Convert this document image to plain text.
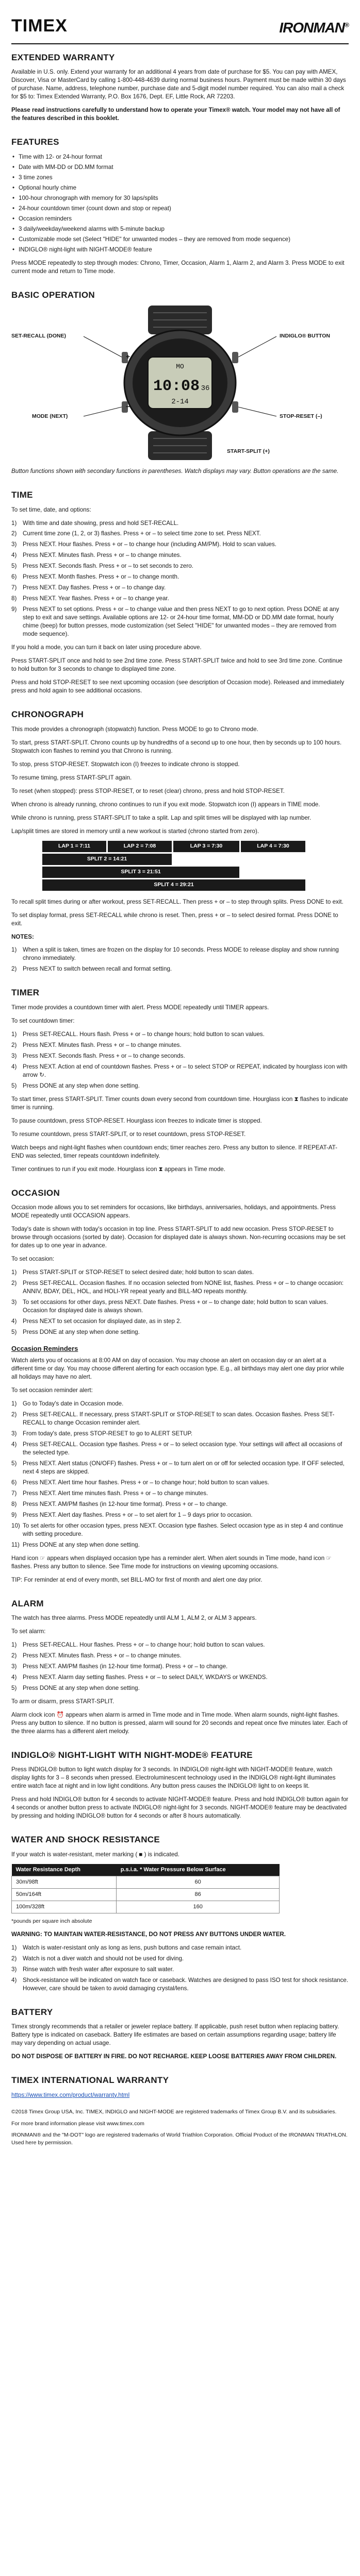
TIMEX	IRONMAN®
EXTENDED WARRANTY

Available in U.S. only. Extend your warranty for an additional 4 years from date of purchase for $5. You can pay with AMEX, Discover, Visa or MasterCard by calling 1-800-448-4639 during normal business hours. Payment must be made within 30 days of purchase. Name, address, telephone number, purchase date and 5-digit model number required. You can also mail a check for $5 to: Timex Extended Warranty, P.O. Box 1676, Dept. EF, Little Rock, AR 72203.

Please read instructions carefully to understand how to operate your Timex® watch. Your model may not have all of the features described in this booklet.

FEATURES
• Time with 12- or 24-hour format
• Date with MM-DD or DD.MM format
• 3 time zones
• Optional hourly chime
• 100-hour chronograph with memory for 30 laps/splits
• 24-hour countdown timer (count down and stop or repeat)
• Occasion reminders
• 3 daily/weekday/weekend alarms with 5-minute backup
• Customizable mode set (Select "HIDE" for unwanted modes – they are removed from mode sequence)
• INDIGLO® night-light with NIGHT-MODE® feature

Press MODE repeatedly to step through modes: Chrono, Timer, Occasion, Alarm 1, Alarm 2, and Alarm 3. Press MODE to exit current mode and return to Time mode.

BASIC OPERATION
MO
10:08 36
2-14
+
–
SET-RECALL (DONE)	INDIGLO® BUTTON
MODE (NEXT)	STOP-RESET (–)
START-SPLIT (+)

Button functions shown with secondary functions in parentheses. Watch displays may vary. Button operations are the same.

TIME

To set time, date, and options:

1)	With time and date showing, press and hold SET-RECALL.
2)	Current time zone (1, 2, or 3) flashes. Press + or – to select time zone to set. Press NEXT.
3)	Press NEXT. Hour flashes. Press + or – to change hour (including AM/PM). Hold to scan values.
4)	Press NEXT. Minutes flash. Press + or – to change minutes.
5)	Press NEXT. Seconds flash. Press + or – to set seconds to zero.
6)	Press NEXT. Month flashes. Press + or – to change month.
7)	Press NEXT. Day flashes. Press + or – to change day.
8)	Press NEXT. Year flashes. Press + or – to change year.
9)	Press NEXT to set options. Press + or – to change value and then press NEXT to go to next option. Press DONE at any step to exit and save settings. Available options are 12- or 24-hour time format, MM-DD or DD.MM date format, hourly chime (beep) for button presses, mode customization (set Select "HIDE" for unwanted modes – they are removed from mode sequence).

If you hold a mode, you can turn it back on later using procedure above.

Press START-SPLIT once and hold to see 2nd time zone. Press START-SPLIT twice and hold to see 3rd time zone. Continue to hold button for 3 seconds to change to displayed time zone.

Press and hold STOP-RESET to see next upcoming occasion (see description of Occasion mode). Released and immediately press and hold again to see additional occasions.

CHRONOGRAPH

This mode provides a chronograph (stopwatch) function. Press MODE to go to Chrono mode.

To start, press START-SPLIT. Chrono counts up by hundredths of a second up to one hour, then by seconds up to 100 hours. Stopwatch icon flashes to remind you that Chrono is running.

To stop, press STOP-RESET. Stopwatch icon (I) freezes to indicate chrono is stopped.

To resume timing, press START-SPLIT again.

To reset (when stopped): press STOP-RESET, or to reset (clear) chrono, press and hold STOP-RESET.

When chrono is already running, chrono continues to run if you exit mode. Stopwatch icon (I) appears in TIME mode.

While chrono is running, press START-SPLIT to take a split. Lap and split times will be displayed with lap number.

Lap/split times are stored in memory until a new workout is started (chrono started from zero).

LAP 1 = 7:11	LAP 2 = 7:08	LAP 3 = 7:30	LAP 4 = 7:30
SPLIT 2 = 14:21
SPLIT 3 = 21:51
SPLIT 4 = 29:21

To recall split times during or after workout, press SET-RECALL. Then press + or – to step through splits. Press DONE to exit.

To set display format, press SET-RECALL while chrono is reset. Then, press + or – to select desired format. Press DONE to exit.

NOTES:

1)	When a split is taken, times are frozen on the display for 10 seconds. Press MODE to release display and show running chrono immediately.
2)	Press NEXT to switch between recall and format setting.
TIMER

Timer mode provides a countdown timer with alert. Press MODE repeatedly until TIMER appears.

To set countdown timer:

1)	Press SET-RECALL. Hours flash. Press + or – to change hours; hold button to scan values.
2)	Press NEXT. Minutes flash. Press + or – to change minutes.
3)	Press NEXT. Seconds flash. Press + or – to change seconds.
4)	Press NEXT. Action at end of countdown flashes. Press + or – to select STOP or REPEAT, indicated by hourglass icon with arrow ↻.
5)	Press DONE at any step when done setting.

To start timer, press START-SPLIT. Timer counts down every second from countdown time. Hourglass icon ⧗ flashes to indicate timer is running.

To pause countdown, press STOP-RESET. Hourglass icon freezes to indicate timer is stopped.

To resume countdown, press START-SPLIT, or to reset countdown, press STOP-RESET.

Watch beeps and night-light flashes when countdown ends; timer reaches zero. Press any button to silence. If REPEAT-AT-END was selected, timer repeats countdown indefinitely.

Timer continues to run if you exit mode. Hourglass icon ⧗ appears in Time mode.

OCCASION

Occasion mode allows you to set reminders for occasions, like birthdays, anniversaries, holidays, and appointments. Press MODE repeatedly until OCCASION appears.

Today's date is shown with today's occasion in top line. Press START-SPLIT to add new occasion. Press STOP-RESET to browse through occasions (sorted by date). Occasion for displayed date is always shown. Non-recurring occasions may be set for dates up to one year in advance.

To set occasion:

1)	Press START-SPLIT or STOP-RESET to select desired date; hold button to scan dates.
2)	Press SET-RECALL. Occasion flashes. If no occasion selected from NONE list, flashes. Press + or – to change occasion: ANNIV, BDAY, DEL, HOL, and HOLI-YR repeat yearly and BILL-MO repeats monthly.
3)	To set occasions for other days, press NEXT. Date flashes. Press + or – to change date; hold button to scan values. Occasion for displayed date is always shown.
4)	Press NEXT to set occasion for displayed date, as in step 2.
5)	Press DONE at any step when done setting.
Occasion Reminders

Watch alerts you of occasions at 8:00 AM on day of occasion. You may choose an alert on occasion day or an alert at a different time or day. You may choose different alerting for each occasion type. E.g., all birthdays may alert one day prior while all holidays may have no alert.

To set occasion reminder alert:

1)	Go to Today's date in Occasion mode.
2)	Press SET-RECALL. If necessary, press START-SPLIT or STOP-RESET to scan dates. Occasion flashes. Press SET-RECALL to change Occasion reminder alert.
3)	From today's date, press STOP-RESET to go to ALERT SETUP.
4)	Press SET-RECALL. Occasion type flashes. Press + or – to select occasion type. Your settings will affect all occasions of the selected type.
5)	Press NEXT. Alert status (ON/OFF) flashes. Press + or – to turn alert on or off for selected occasion type. If OFF selected, next 4 steps are skipped.
6)	Press NEXT. Alert time hour flashes. Press + or – to change hour; hold button to scan values.
7)	Press NEXT. Alert time minutes flash. Press + or – to change minutes.
8)	Press NEXT. AM/PM flashes (in 12-hour time format). Press + or – to change.
9)	Press NEXT. Alert day flashes. Press + or – to set alert for 1 – 9 days prior to occasion.
10) To set alerts for other occasion types, press NEXT. Occasion type flashes. Select occasion type as in step 4 and continue with setting procedure.
11) Press DONE at any step when done setting.

Hand icon ☞ appears when displayed occasion type has a reminder alert. When alert sounds in Time mode, hand icon ☞ flashes. Press any button to silence. See Time mode for instructions on viewing upcoming occasions.

TIP: For reminder at end of every month, set BILL-MO for first of month and alert one day prior.

ALARM

The watch has three alarms. Press MODE repeatedly until ALM 1, ALM 2, or ALM 3 appears.

To set alarm:

1)	Press SET-RECALL. Hour flashes. Press + or – to change hour; hold button to scan values.
2)	Press NEXT. Minutes flash. Press + or – to change minutes.
3)	Press NEXT. AM/PM flashes (in 12-hour time format). Press + or – to change.
4)	Press NEXT. Alarm day setting flashes. Press + or – to select DAILY, WKDAYS or WKENDS.
5)	Press DONE at any step when done setting.

To arm or disarm, press START-SPLIT.

Alarm clock icon ⏰ appears when alarm is armed in Time mode and in Time mode. When alarm sounds, night-light flashes. Press any button to silence. If no button is pressed, alarm will sound for 20 seconds and repeat once five minutes later. Each of the three alarms has a different alert melody.

INDIGLO® NIGHT-LIGHT WITH NIGHT-MODE® FEATURE

Press INDIGLO® button to light watch display for 3 seconds. In INDIGLO® night-light with NIGHT-MODE® feature, watch display lights for 3 – 8 seconds when pressed. Electroluminescent technology used in the INDIGLO® night-light illuminates entire watch face at night and in low light conditions. Any button press causes the INDIGLO® light to on keeps lit.

Press and hold INDIGLO® button for 4 seconds to activate NIGHT-MODE® feature. Press and hold INDIGLO® button again for 4 seconds or another button press to activate INDIGLO® night-light for 3 seconds. NIGHT-MODE® feature may be deactivated by pressing and holding INDIGLO® button for 4 seconds or after 8 hours automatically.

WATER AND SHOCK RESISTANCE

If your watch is water-resistant, meter marking ( ■ ) is indicated.

Water Resistance Depth	p.s.i.a. * Water Pressure Below Surface
30m/98ft	60
50m/164ft	86
100m/328ft	160

*pounds per square inch absolute

WARNING: TO MAINTAIN WATER-RESISTANCE, DO NOT PRESS ANY BUTTONS UNDER WATER.

1)	Watch is water-resistant only as long as lens, push buttons and case remain intact.
2)	Watch is not a diver watch and should not be used for diving.
3)	Rinse watch with fresh water after exposure to salt water.
4)	Shock-resistance will be indicated on watch face or caseback. Watches are designed to pass ISO test for shock resistance. However, care should be taken to avoid damaging crystal/lens.
BATTERY

Timex strongly recommends that a retailer or jeweler replace battery. If applicable, push reset button when replacing battery. Battery type is indicated on caseback. Battery life estimates are based on certain assumptions regarding usage; battery life may vary depending on actual usage.

DO NOT DISPOSE OF BATTERY IN FIRE. DO NOT RECHARGE. KEEP LOOSE BATTERIES AWAY FROM CHILDREN.

TIMEX INTERNATIONAL WARRANTY

https://www.timex.com/product/warranty.html

©2018 Timex Group USA, Inc. TIMEX, INDIGLO and NIGHT-MODE are registered trademarks of Timex Group B.V. and its subsidiaries.

For more brand information please visit www.timex.com

IRONMAN® and the "M-DOT" logo are registered trademarks of World Triathlon Corporation. Official Product of the IRONMAN TRIATHLON. Used here by permission.
